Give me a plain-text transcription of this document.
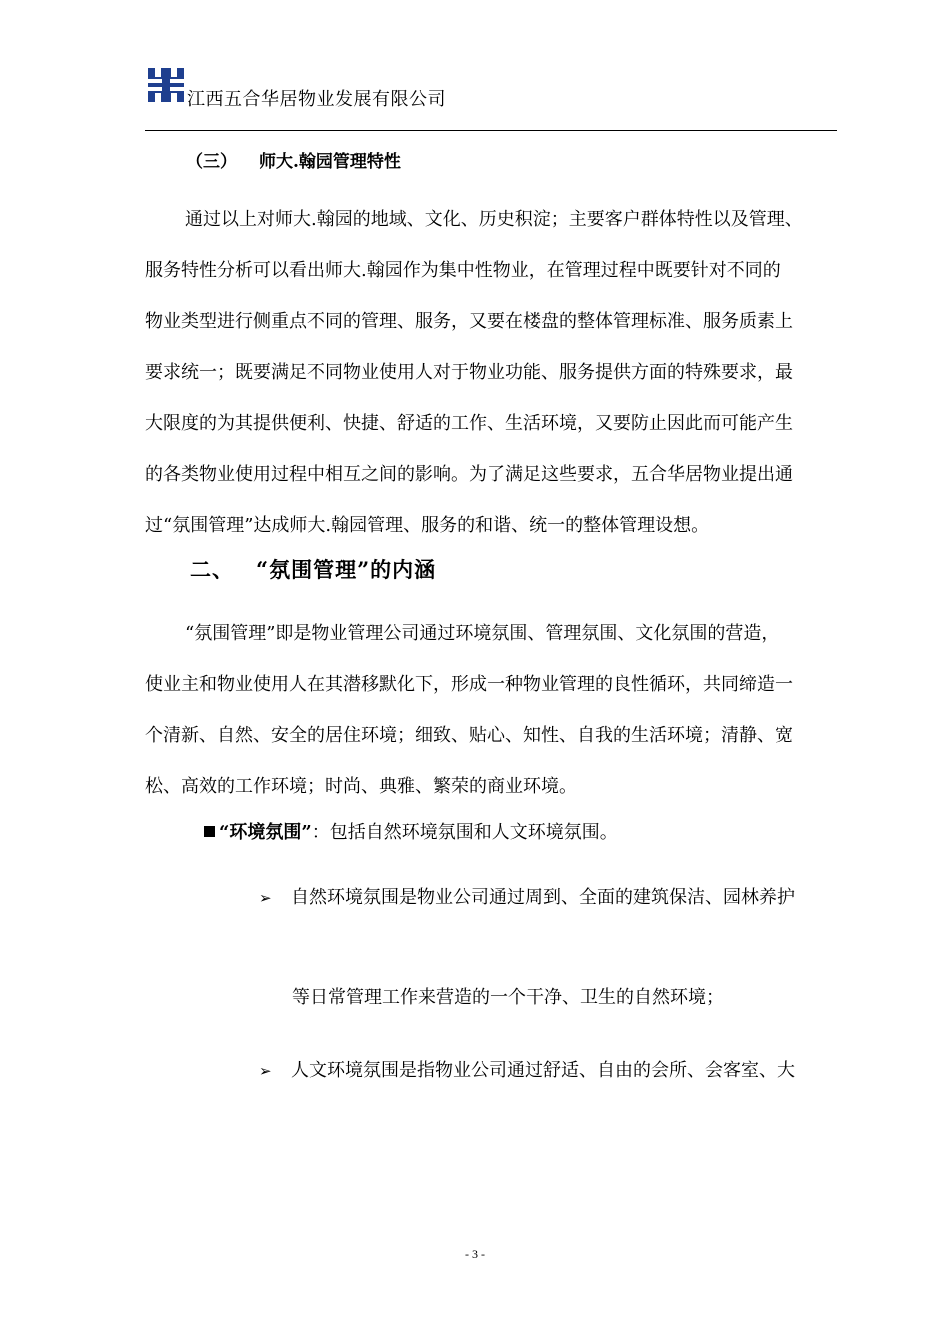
江西五合华居物业发展有限公司
（三） 师大.翰园管理特性

通过以上对师大.翰园的地域、文化、历史积淀；主要客户群体特性以及管理、
服务特性分析可以看出师大.翰园作为集中性物业，在管理过程中既要针对不同的
物业类型进行侧重点不同的管理、服务，又要在楼盘的整体管理标准、服务质素上
要求统一；既要满足不同物业使用人对于物业功能、服务提供方面的特殊要求，最
大限度的为其提供便利、快捷、舒适的工作、生活环境，又要防止因此而可能产生
的各类物业使用过程中相互之间的影响。为了满足这些要求，五合华居物业提出通
过“氛围管理”达成师大.翰园管理、服务的和谐、统一的整体管理设想。

二、 “氛围管理”的内涵

“氛围管理”即是物业管理公司通过环境氛围、管理氛围、文化氛围的营造，
使业主和物业使用人在其潜移默化下，形成一种物业管理的良性循环，共同缔造一
个清新、自然、安全的居住环境；细致、贴心、知性、自我的生活环境；清静、宽
松、高效的工作环境；时尚、典雅、繁荣的商业环境。

“环境氛围”：包括自然环境氛围和人文环境氛围。
➢ 自然环境氛围是物业公司通过周到、全面的建筑保洁、园林养护
等日常管理工作来营造的一个干净、卫生的自然环境；
➢ 人文环境氛围是指物业公司通过舒适、自由的会所、会客室、大
- 3 -
